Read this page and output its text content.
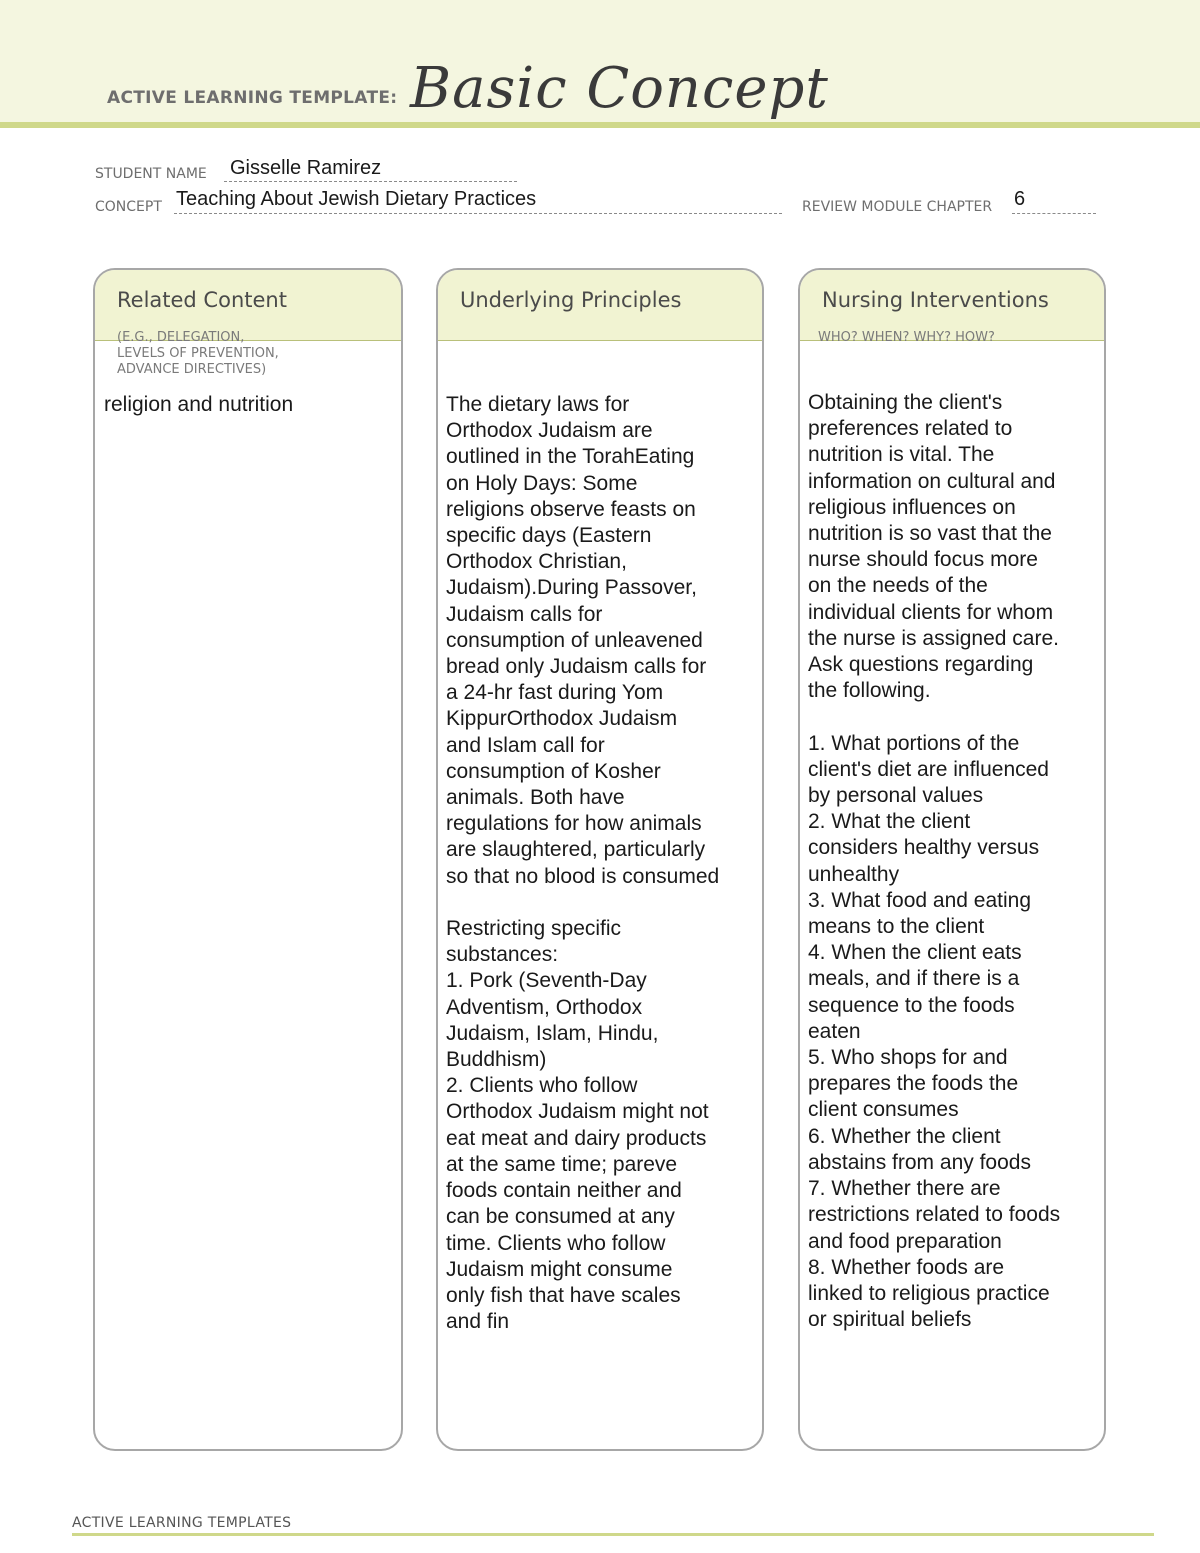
ACTIVE LEARNING TEMPLATE: Basic Concept
STUDENT NAME Gisselle Ramirez
CONCEPT Teaching About Jewish Dietary Practices	REVIEW MODULE CHAPTER 6
Related Content
(E.G., DELEGATION,
LEVELS OF PREVENTION,
ADVANCE DIRECTIVES)
religion and nutrition
Underlying Principles
The dietary laws for
Orthodox Judaism are
outlined in the TorahEating
on Holy Days: Some
religions observe feasts on
specific days (Eastern
Orthodox Christian,
Judaism).During Passover,
Judaism calls for
consumption of unleavened
bread only Judaism calls for
a 24-hr fast during Yom
KippurOrthodox Judaism
and Islam call for
consumption of Kosher
animals. Both have
regulations for how animals
are slaughtered, particularly
so that no blood is consumed

Restricting specific
substances:
1. Pork (Seventh-Day
Adventism, Orthodox
Judaism, Islam, Hindu,
Buddhism)
2. Clients who follow
Orthodox Judaism might not
eat meat and dairy products
at the same time; pareve
foods contain neither and
can be consumed at any
time. Clients who follow
Judaism might consume
only fish that have scales
and fin
Nursing Interventions
WHO? WHEN? WHY? HOW?
Obtaining the client's
preferences related to
nutrition is vital. The
information on cultural and
religious influences on
nutrition is so vast that the
nurse should focus more
on the needs of the
individual clients for whom
the nurse is assigned care.
Ask questions regarding
the following.

1. What portions of the
client's diet are influenced
by personal values
2. What the client
considers healthy versus
unhealthy
3. What food and eating
means to the client
4. When the client eats
meals, and if there is a
sequence to the foods
eaten
5. Who shops for and
prepares the foods the
client consumes
6. Whether the client
abstains from any foods
7. Whether there are
restrictions related to foods
and food preparation
8. Whether foods are
linked to religious practice
or spiritual beliefs
ACTIVE LEARNING TEMPLATES
